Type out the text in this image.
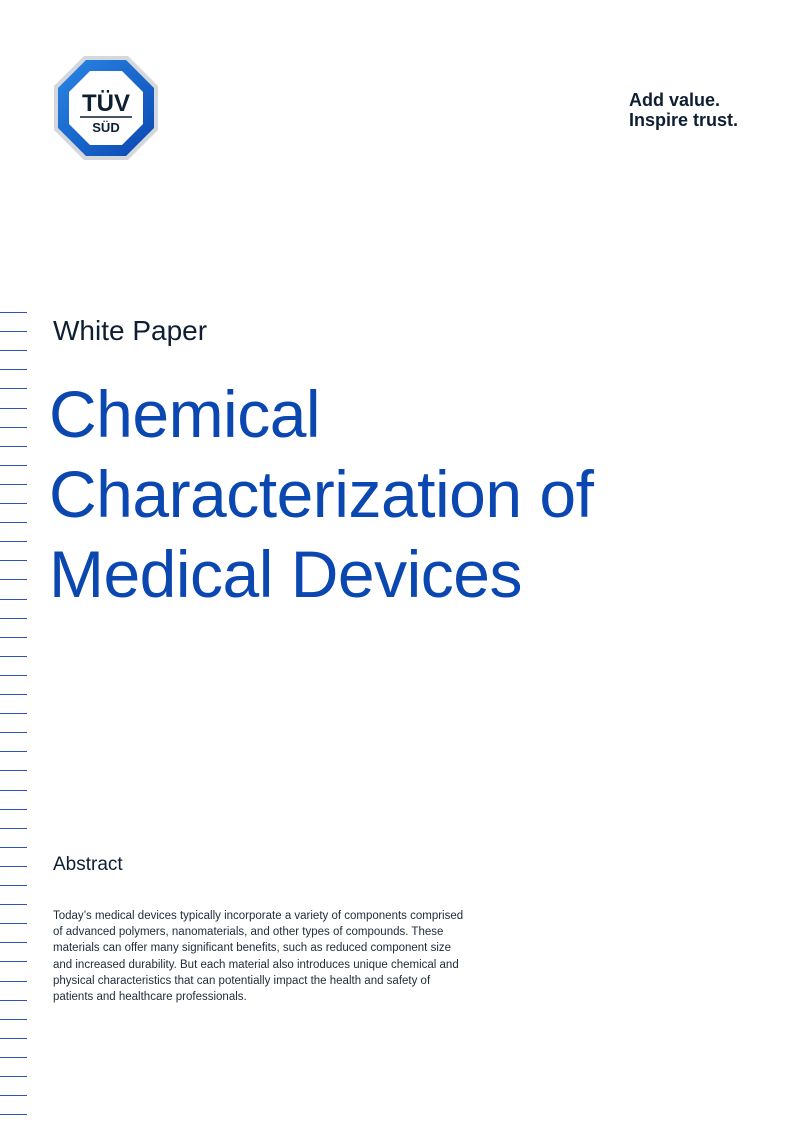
TÜV
SÜD
Add value.
Inspire trust.
White Paper
Chemical
Characterization of
Medical Devices
Abstract
Today’s medical devices typically incorporate a variety of components comprised
of advanced polymers, nanomaterials, and other types of compounds. These
materials can offer many significant benefits, such as reduced component size
and increased durability. But each material also introduces unique chemical and
physical characteristics that can potentially impact the health and safety of
patients and healthcare professionals.
